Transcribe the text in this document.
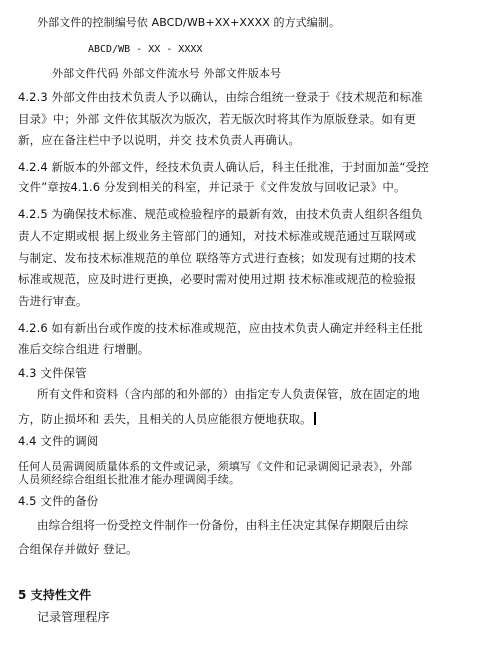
外部文件的控制编号依 ABCD/WB+XX+XXXX 的方式编制。
ABCD/WB - XX - XXXX
外部文件代码 外部文件流水号 外部文件版本号
4.2.3 外部文件由技术负责人予以确认，由综合组统一登录于《技术规范和标准
目录》中；外部 文件依其版次为版次，若无版次时将其作为原版登录。如有更
新，应在备注栏中予以说明，并交 技术负责人再确认。
4.2.4 新版本的外部文件，经技术负责人确认后，科主任批准，于封面加盖“受控
文件”章按4.1.6 分发到相关的科室，并记录于《文件发放与回收记录》中。
4.2.5 为确保技术标准、规范或检验程序的最新有效，由技术负责人组织各组负
责人不定期或根 据上级业务主管部门的通知，对技术标准或规范通过互联网或
与制定、发布技术标准规范的单位 联络等方式进行查核；如发现有过期的技术
标准或规范，应及时进行更换，必要时需对使用过期 技术标准或规范的检验报
告进行审查。
4.2.6 如有新出台或作废的技术标准或规范，应由技术负责人确定并经科主任批
准后交综合组进 行增删。
4.3 文件保管
所有文件和资料（含内部的和外部的）由指定专人负责保管，放在固定的地
方，防止损坏和 丢失，且相关的人员应能很方便地获取。
4.4 文件的调阅
任何人员需调阅质量体系的文件或记录，须填写《文件和记录调阅记录表》，外部
人员须经综合组组长批准才能办理调阅手续。
4.5 文件的备份
由综合组将一份受控文件制作一份备份，由科主任决定其保存期限后由综
合组保存并做好 登记。
5 支持性文件
记录管理程序
